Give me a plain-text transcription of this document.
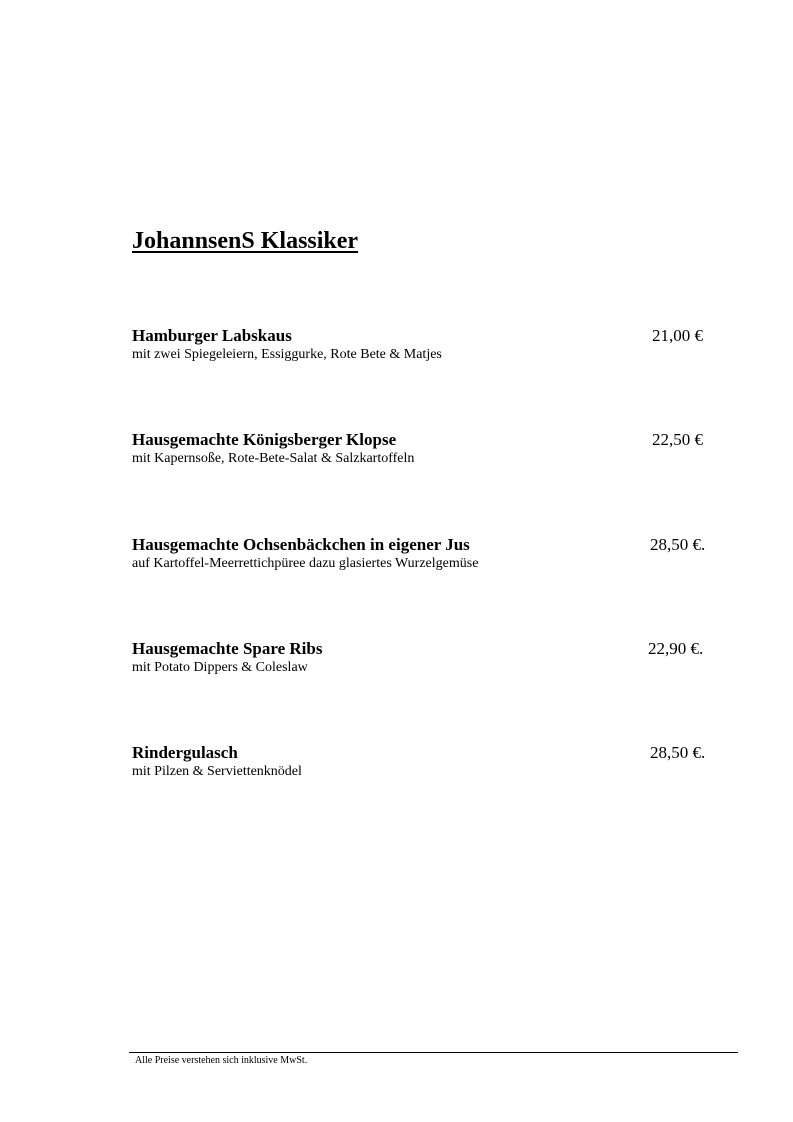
JohannsenS Klassiker
Hamburger Labskaus	21,00 €
mit zwei Spiegeleiern, Essiggurke, Rote Bete & Matjes
Hausgemachte Königsberger Klopse	22,50 €
mit Kapernsoße, Rote-Bete-Salat & Salzkartoffeln
Hausgemachte Ochsenbäckchen in eigener Jus	28,50 €.
auf Kartoffel-Meerrettichpüree dazu glasiertes Wurzelgemüse
Hausgemachte Spare Ribs	22,90 €.
mit Potato Dippers & Coleslaw
Rindergulasch	28,50 €.
mit Pilzen & Serviettenknödel
Alle Preise verstehen sich inklusive MwSt.
